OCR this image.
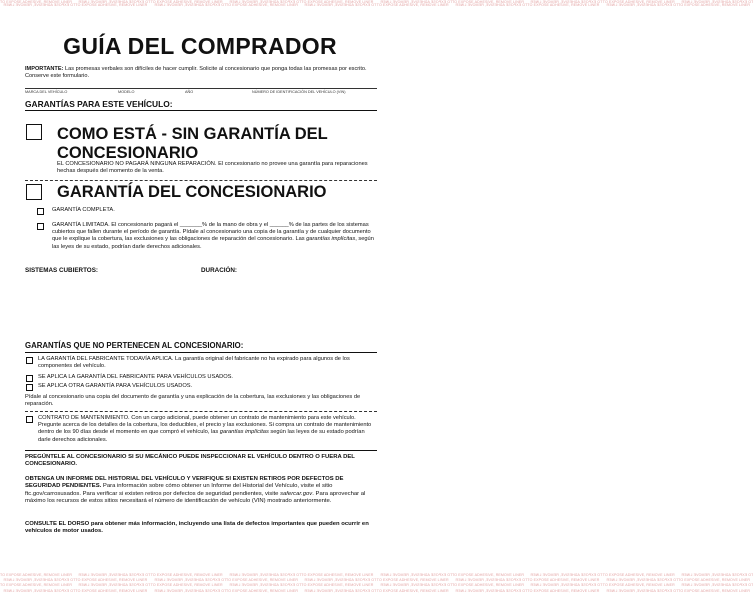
TO EXPOSE ADHESIVE, REMOVE LINER   TO EXPOSE ADHESIVE, REMOVE LINER   TO EXPOSE ADHESIVE, REMOVE LINER   TO EXPOSE ADHESIVE, REMOVE LINER   TO EXPOSE ADHESIVE, REMOVE LINER   TO EXPOSE ADHESIVE, REMOVE LINER   TO EXPOSE ADHESIVE, REMOVE LINER   TO EXPOSE ADHESIVE, REMOVE LINER   TO EXPOSE ADHESIVE, REMOVE LINER   TO EXPOSE ADHESIVE, REMOVE LINER
TO EXPOSE ADHESIVE, REMOVE LINER   TO EXPOSE ADHESIVE, REMOVE LINER   TO EXPOSE ADHESIVE, REMOVE LINER   TO EXPOSE ADHESIVE, REMOVE LINER   TO EXPOSE ADHESIVE, REMOVE LINER   TO EXPOSE ADHESIVE, REMOVE LINER   TO EXPOSE ADHESIVE, REMOVE LINER   TO EXPOSE ADHESIVE, REMOVE LINER   TO EXPOSE ADHESIVE, REMOVE LINER   TO EXPOSE ADHESIVE, REMOVE LINER
GUÍA DEL COMPRADOR
IMPORTANTE: Las promesas verbales son difíciles de hacer cumplir. Solicite al concesionario que ponga todas las promesas por escrito. Conserve este formulario.
MARCA DEL VEHÍCULO	MODELO	AÑO	NÚMERO DE IDENTIFICACIÓN DEL VEHÍCULO (VIN)
GARANTÍAS PARA ESTE VEHÍCULO:
COMO ESTÁ - SIN GARANTÍA DEL CONCESIONARIO
EL CONCESIONARIO NO PAGARÁ NINGUNA REPARACIÓN. El concesionario no provee una garantía para reparaciones hechas después del momento de la venta.
GARANTÍA DEL CONCESIONARIO
GARANTÍA COMPLETA.
GARANTÍA LIMITADA. El concesionario pagará el _______% de la mano de obra y el ______% de las partes de los sistemas cubiertos que fallen durante el período de garantía. Pídale al concesionario una copia de la garantía y de cualquier documento que le explique la cobertura, las exclusiones y las obligaciones de reparación del concesionario. Las garantías implícitas, según las leyes de su estado, podrían darle derechos adicionales.
SISTEMAS CUBIERTOS:	DURACIÓN:
GARANTÍAS QUE NO PERTENECEN AL CONCESIONARIO:
LA GARANTÍA DEL FABRICANTE TODAVÍA APLICA. La garantía original del fabricante no ha expirado para algunos de los componentes del vehículo.
SE APLICA LA GARANTÍA DEL FABRICANTE PARA VEHÍCULOS USADOS.
SE APLICA OTRA GARANTÍA PARA VEHÍCULOS USADOS.
Pídale al concesionario una copia del documento de garantía y una explicación de la cobertura, las exclusiones y las obligaciones de reparación.
CONTRATO DE MANTENIMIENTO. Con un cargo adicional, puede obtener un contrato de mantenimiento para este vehículo. Pregunte acerca de los detalles de la cobertura, los deducibles, el precio y las exclusiones. Si compra un contrato de mantenimiento dentro de los 90 días desde el momento en que compró el vehículo, las garantías implícitas según las leyes de su estado podrían darle derechos adicionales.
PREGÚNTELE AL CONCESIONARIO SI SU MECÁNICO PUEDE INSPECCIONAR EL VEHÍCULO DENTRO O FUERA DEL CONCESIONARIO.
OBTENGA UN INFORME DEL HISTORIAL DEL VEHÍCULO Y VERIFIQUE SI EXISTEN RETIROS POR DEFECTOS DE SEGURIDAD PENDIENTES. Para información sobre cómo obtener un Informe del Historial del Vehículo, visite el sitio ftc.gov/carrosusados. Para verificar si existen retiros por defectos de seguridad pendientes, visite safercar.gov. Para aprovechar al máximo los recursos de estos sitios necesitará el número de identificación de vehículo (VIN) mostrado anteriormente.
CONSULTE EL DORSO para obtener más información, incluyendo una lista de defectos importantes que pueden ocurrir en vehículos de motor usados.
TO EXPOSE ADHESIVE, REMOVE LINER   TO EXPOSE ADHESIVE, REMOVE LINER   TO EXPOSE ADHESIVE, REMOVE LINER   TO EXPOSE ADHESIVE, REMOVE LINER   TO EXPOSE ADHESIVE, REMOVE LINER   TO EXPOSE ADHESIVE, REMOVE LINER   TO EXPOSE ADHESIVE, REMOVE LINER   TO EXPOSE ADHESIVE, REMOVE LINER   TO EXPOSE ADHESIVE, REMOVE LINER   TO EXPOSE ADHESIVE, REMOVE LINER
TO EXPOSE ADHESIVE, REMOVE LINER   TO EXPOSE ADHESIVE, REMOVE LINER   TO EXPOSE ADHESIVE, REMOVE LINER   TO EXPOSE ADHESIVE, REMOVE LINER   TO EXPOSE ADHESIVE, REMOVE LINER   TO EXPOSE ADHESIVE, REMOVE LINER   TO EXPOSE ADHESIVE, REMOVE LINER   TO EXPOSE ADHESIVE, REMOVE LINER   TO EXPOSE ADHESIVE, REMOVE LINER   TO EXPOSE ADHESIVE, REMOVE LINER
TO EXPOSE ADHESIVE, REMOVE LINER   TO EXPOSE ADHESIVE, REMOVE LINER   TO EXPOSE ADHESIVE, REMOVE LINER   TO EXPOSE ADHESIVE, REMOVE LINER   TO EXPOSE ADHESIVE, REMOVE LINER   TO EXPOSE ADHESIVE, REMOVE LINER   TO EXPOSE ADHESIVE, REMOVE LINER   TO EXPOSE ADHESIVE, REMOVE LINER   TO EXPOSE ADHESIVE, REMOVE LINER   TO EXPOSE ADHESIVE, REMOVE LINER
TO EXPOSE ADHESIVE, REMOVE LINER   TO EXPOSE ADHESIVE, REMOVE LINER   TO EXPOSE ADHESIVE, REMOVE LINER   TO EXPOSE ADHESIVE, REMOVE LINER   TO EXPOSE ADHESIVE, REMOVE LINER   TO EXPOSE ADHESIVE, REMOVE LINER   TO EXPOSE ADHESIVE, REMOVE LINER   TO EXPOSE ADHESIVE, REMOVE LINER   TO EXPOSE ADHESIVE, REMOVE LINER   TO EXPOSE ADHESIVE, REMOVE LINER
